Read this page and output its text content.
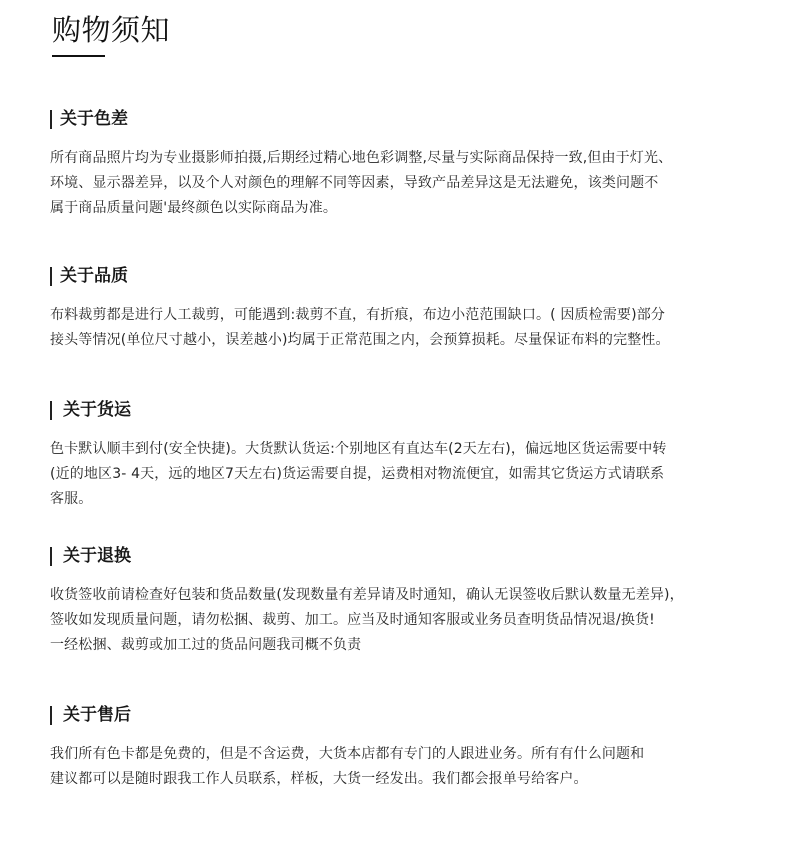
购物须知
关于色差
所有商品照片均为专业摄影师拍摄,后期经过精心地色彩调整,尽量与实际商品保持一致,但由于灯光、
环境、显示器差异，以及个人对颜色的理解不同等因素，导致产品差异这是无法避免，该类问题不
属于商品质量问题'最终颜色以实际商品为准。
关于品质
布料裁剪都是进行人工裁剪，可能遇到:裁剪不直，有折痕，布边小范范围缺口。( 因质检需要)部分
接头等情况(单位尺寸越小，误差越小)均属于正常范围之内，会预算损耗。尽量保证布料的完整性。
关于货运
色卡默认顺丰到付(安全快捷)。大货默认货运:个别地区有直达车(2天左右)，偏远地区货运需要中转
(近的地区3- 4天，远的地区7天左右)货运需要自提，运费相对物流便宜，如需其它货运方式请联系
客服。
关于退换
收货签收前请检查好包装和货品数量(发现数量有差异请及时通知，确认无误签收后默认数量无差异)，
签收如发现质量问题，请勿松捆、裁剪、加工。应当及时通知客服或业务员查明货品情况退/换货!
一经松捆、裁剪或加工过的货品问题我司概不负责
关于售后
我们所有色卡都是免费的，但是不含运费，大货本店都有专门的人跟进业务。所有有什么问题和
建议都可以是随时跟我工作人员联系，样板，大货一经发出。我们都会报单号给客户。
